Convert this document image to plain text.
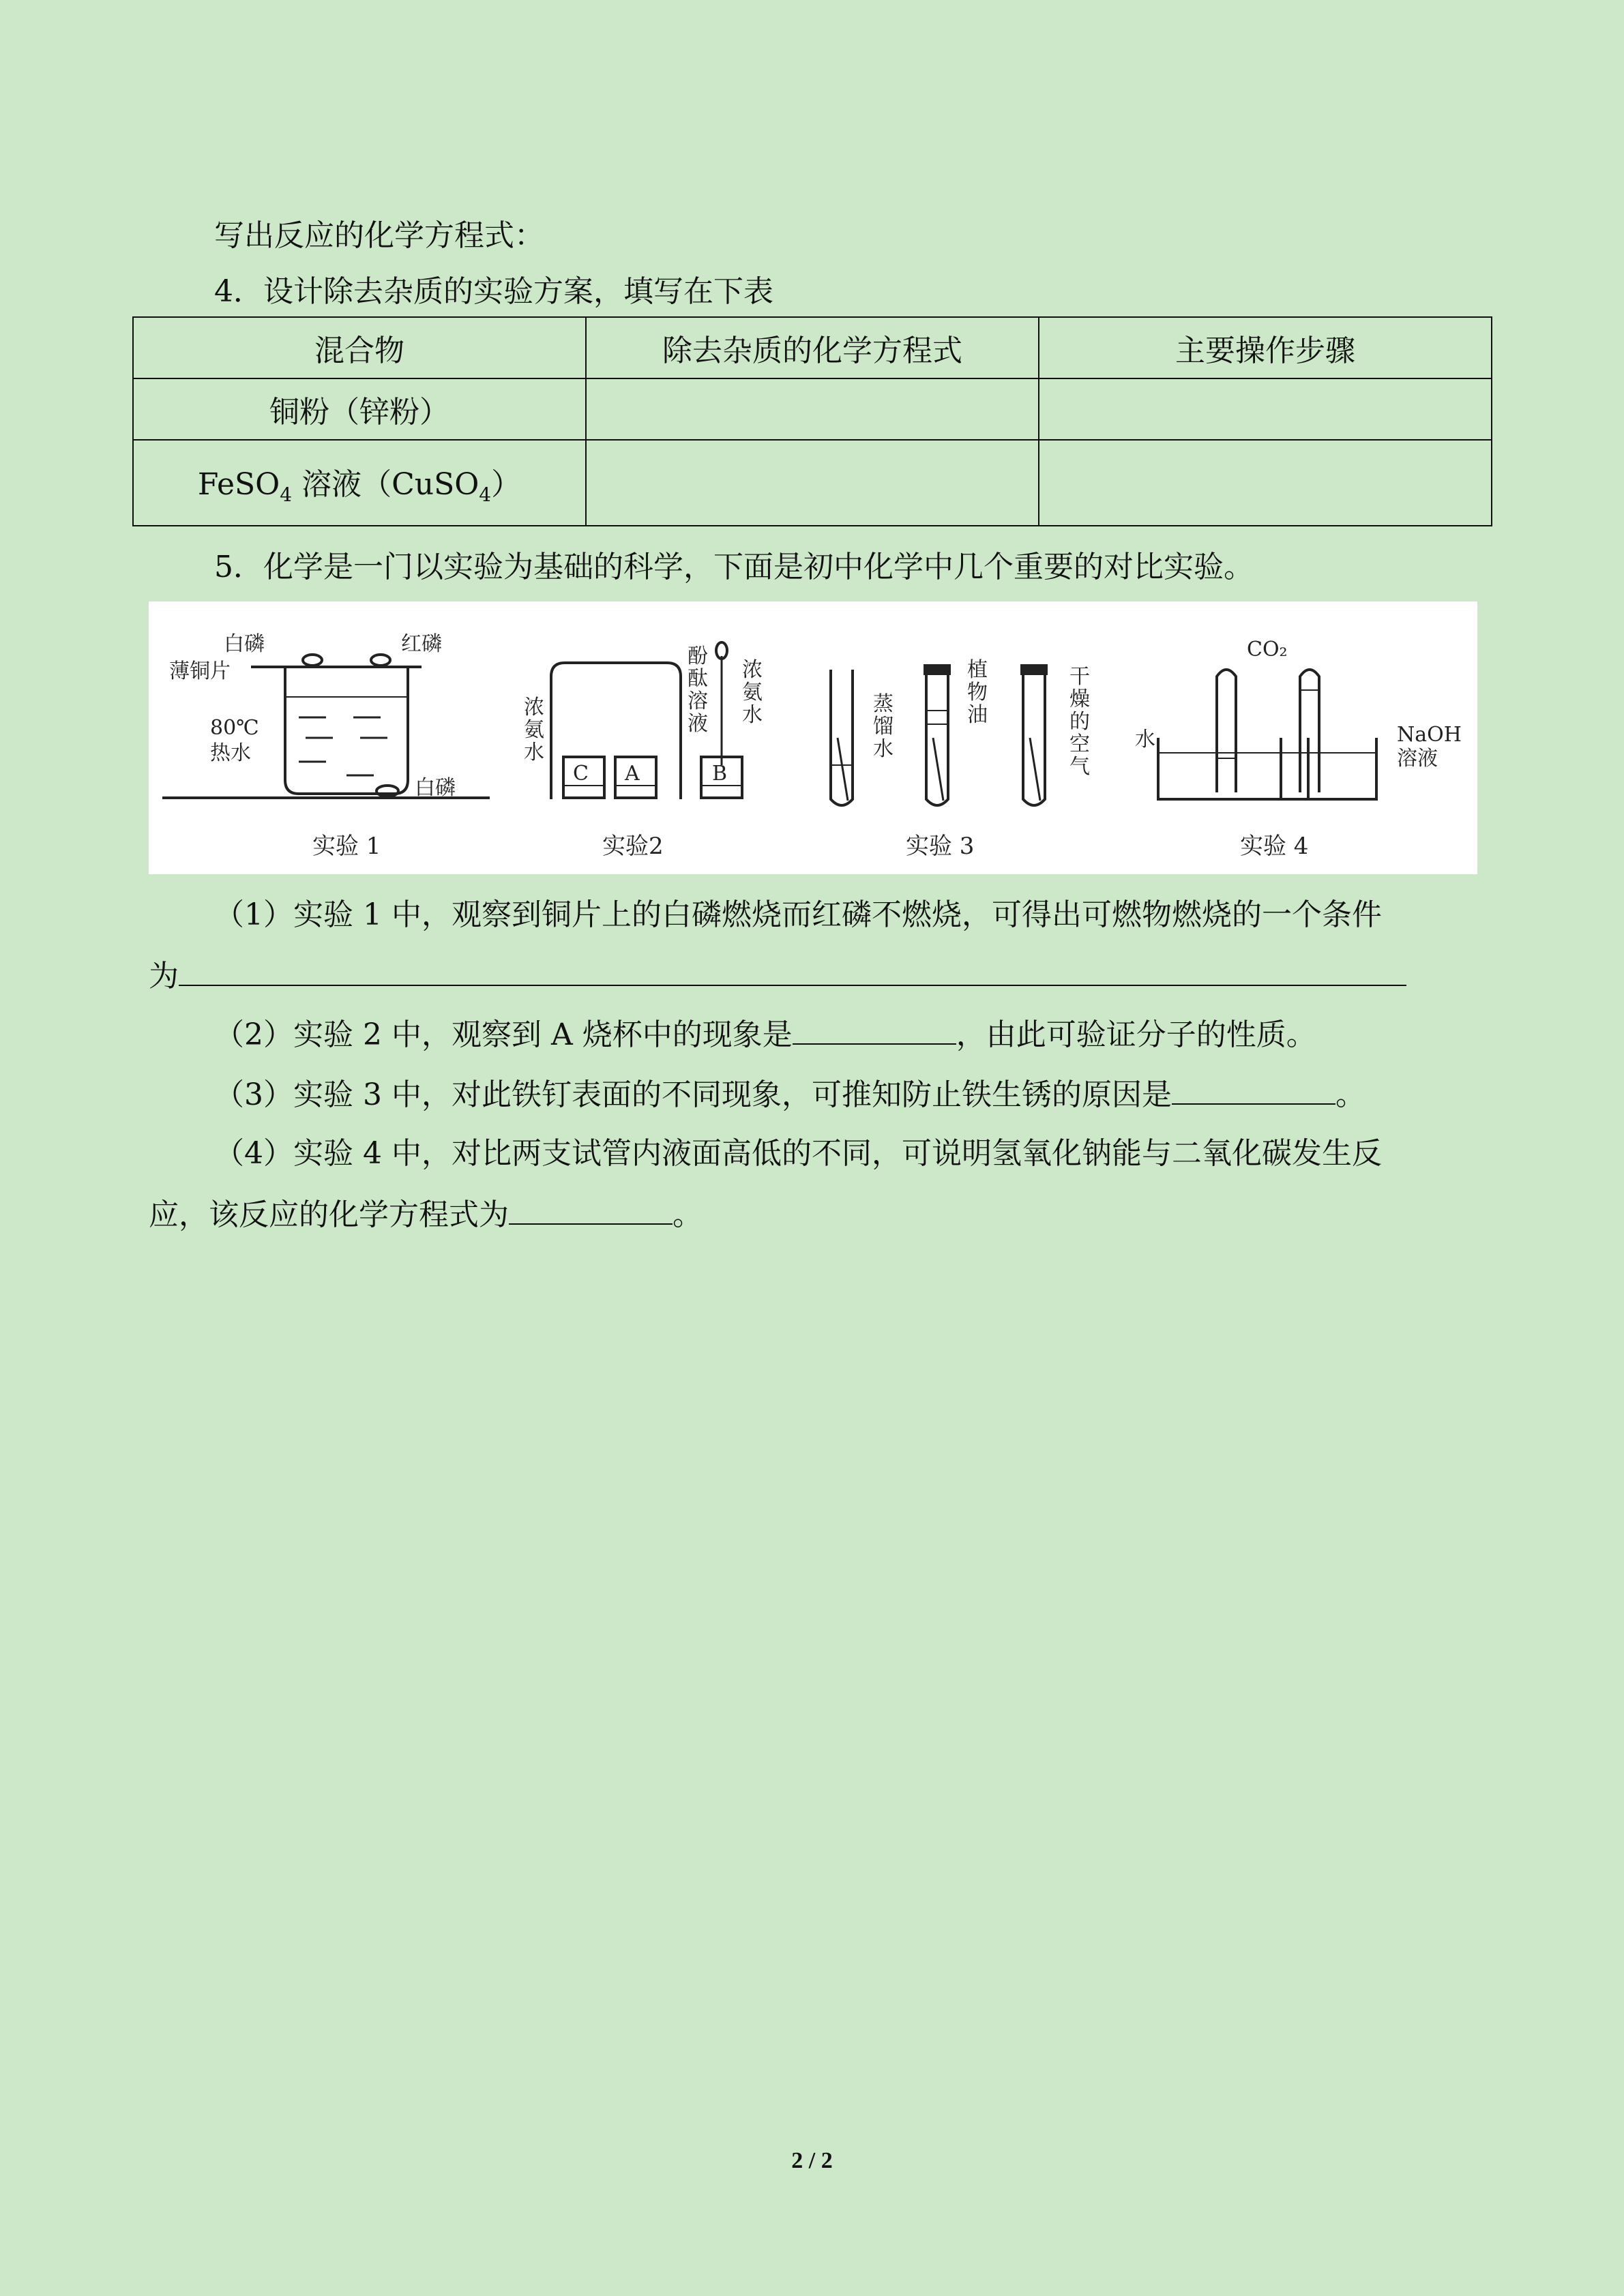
写出反应的化学方程式：
4．设计除去杂质的实验方案，填写在下表
混合物	除去杂质的化学方程式	主要操作步骤
铜粉（锌粉）		
FeSO$_4$ 溶液（CuSO$_4$）		
5．化学是一门以实验为基础的科学，下面是初中化学中几个重要的对比实验。
白磷	红磷
薄铜片
80℃
热水
白磷
实验 1
C A	B
浓
氨
水
酚
酞
溶
液
浓
氨
水
实验2
蒸
馏
水
植
物
油
干
燥
的
空
气
实验 3
CO₂
水	NaOH
溶液
实验 4
（1）实验 1 中，观察到铜片上的白磷燃烧而红磷不燃烧，可得出可燃物燃烧的一个条件
为
（2）实验 2 中，观察到 A 烧杯中的现象是	，由此可验证分子的性质。
（3）实验 3 中，对此铁钉表面的不同现象，可推知防止铁生锈的原因是	。
（4）实验 4 中，对比两支试管内液面高低的不同，可说明氢氧化钠能与二氧化碳发生反
应，该反应的化学方程式为	。
2 / 2
